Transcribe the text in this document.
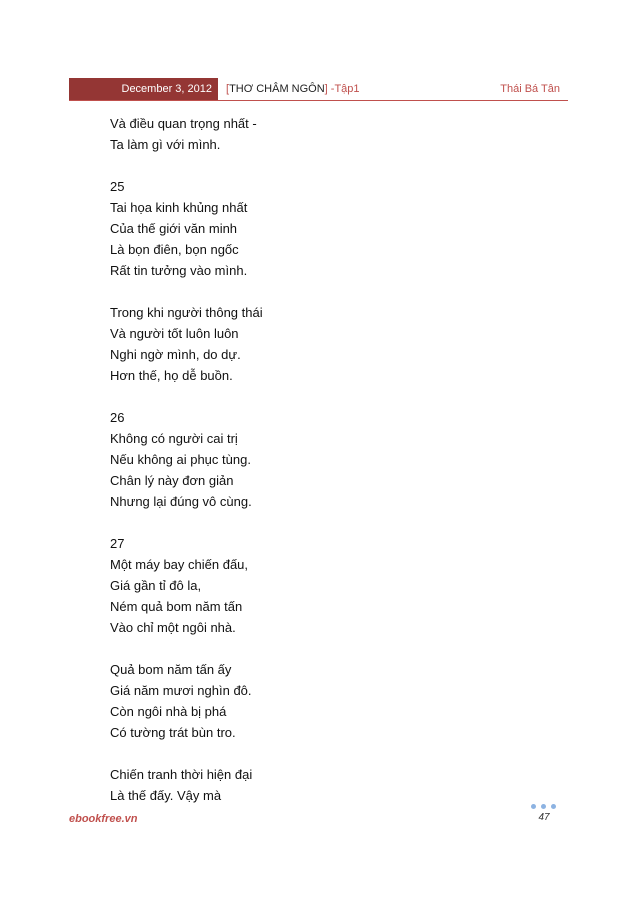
December 3, 2012	[THƠ CHÂM NGÔN] -Tập1	Thái Bá Tân
Và điều quan trọng nhất -
Ta làm gì với mình.
25
Tai họa kinh khủng nhất
Của thế giới văn minh
Là bọn điên, bọn ngốc
Rất tin tưởng vào mình.
Trong khi người thông thái
Và người tốt luôn luôn
Nghi ngờ mình, do dự.
Hơn thế, họ dễ buồn.
26
Không có người cai trị
Nếu không ai phục tùng.
Chân lý này đơn giản
Nhưng lại đúng vô cùng.
27
Một máy bay chiến đấu,
Giá gần tỉ đô la,
Ném quả bom năm tấn
Vào chỉ một ngôi nhà.
Quả bom năm tấn ấy
Giá năm mươi nghìn đô.
Còn ngôi nhà bị phá
Có tường trát bùn tro.
Chiến tranh thời hiện đại
Là thế đấy. Vậy mà
ebookfree.vn	47
